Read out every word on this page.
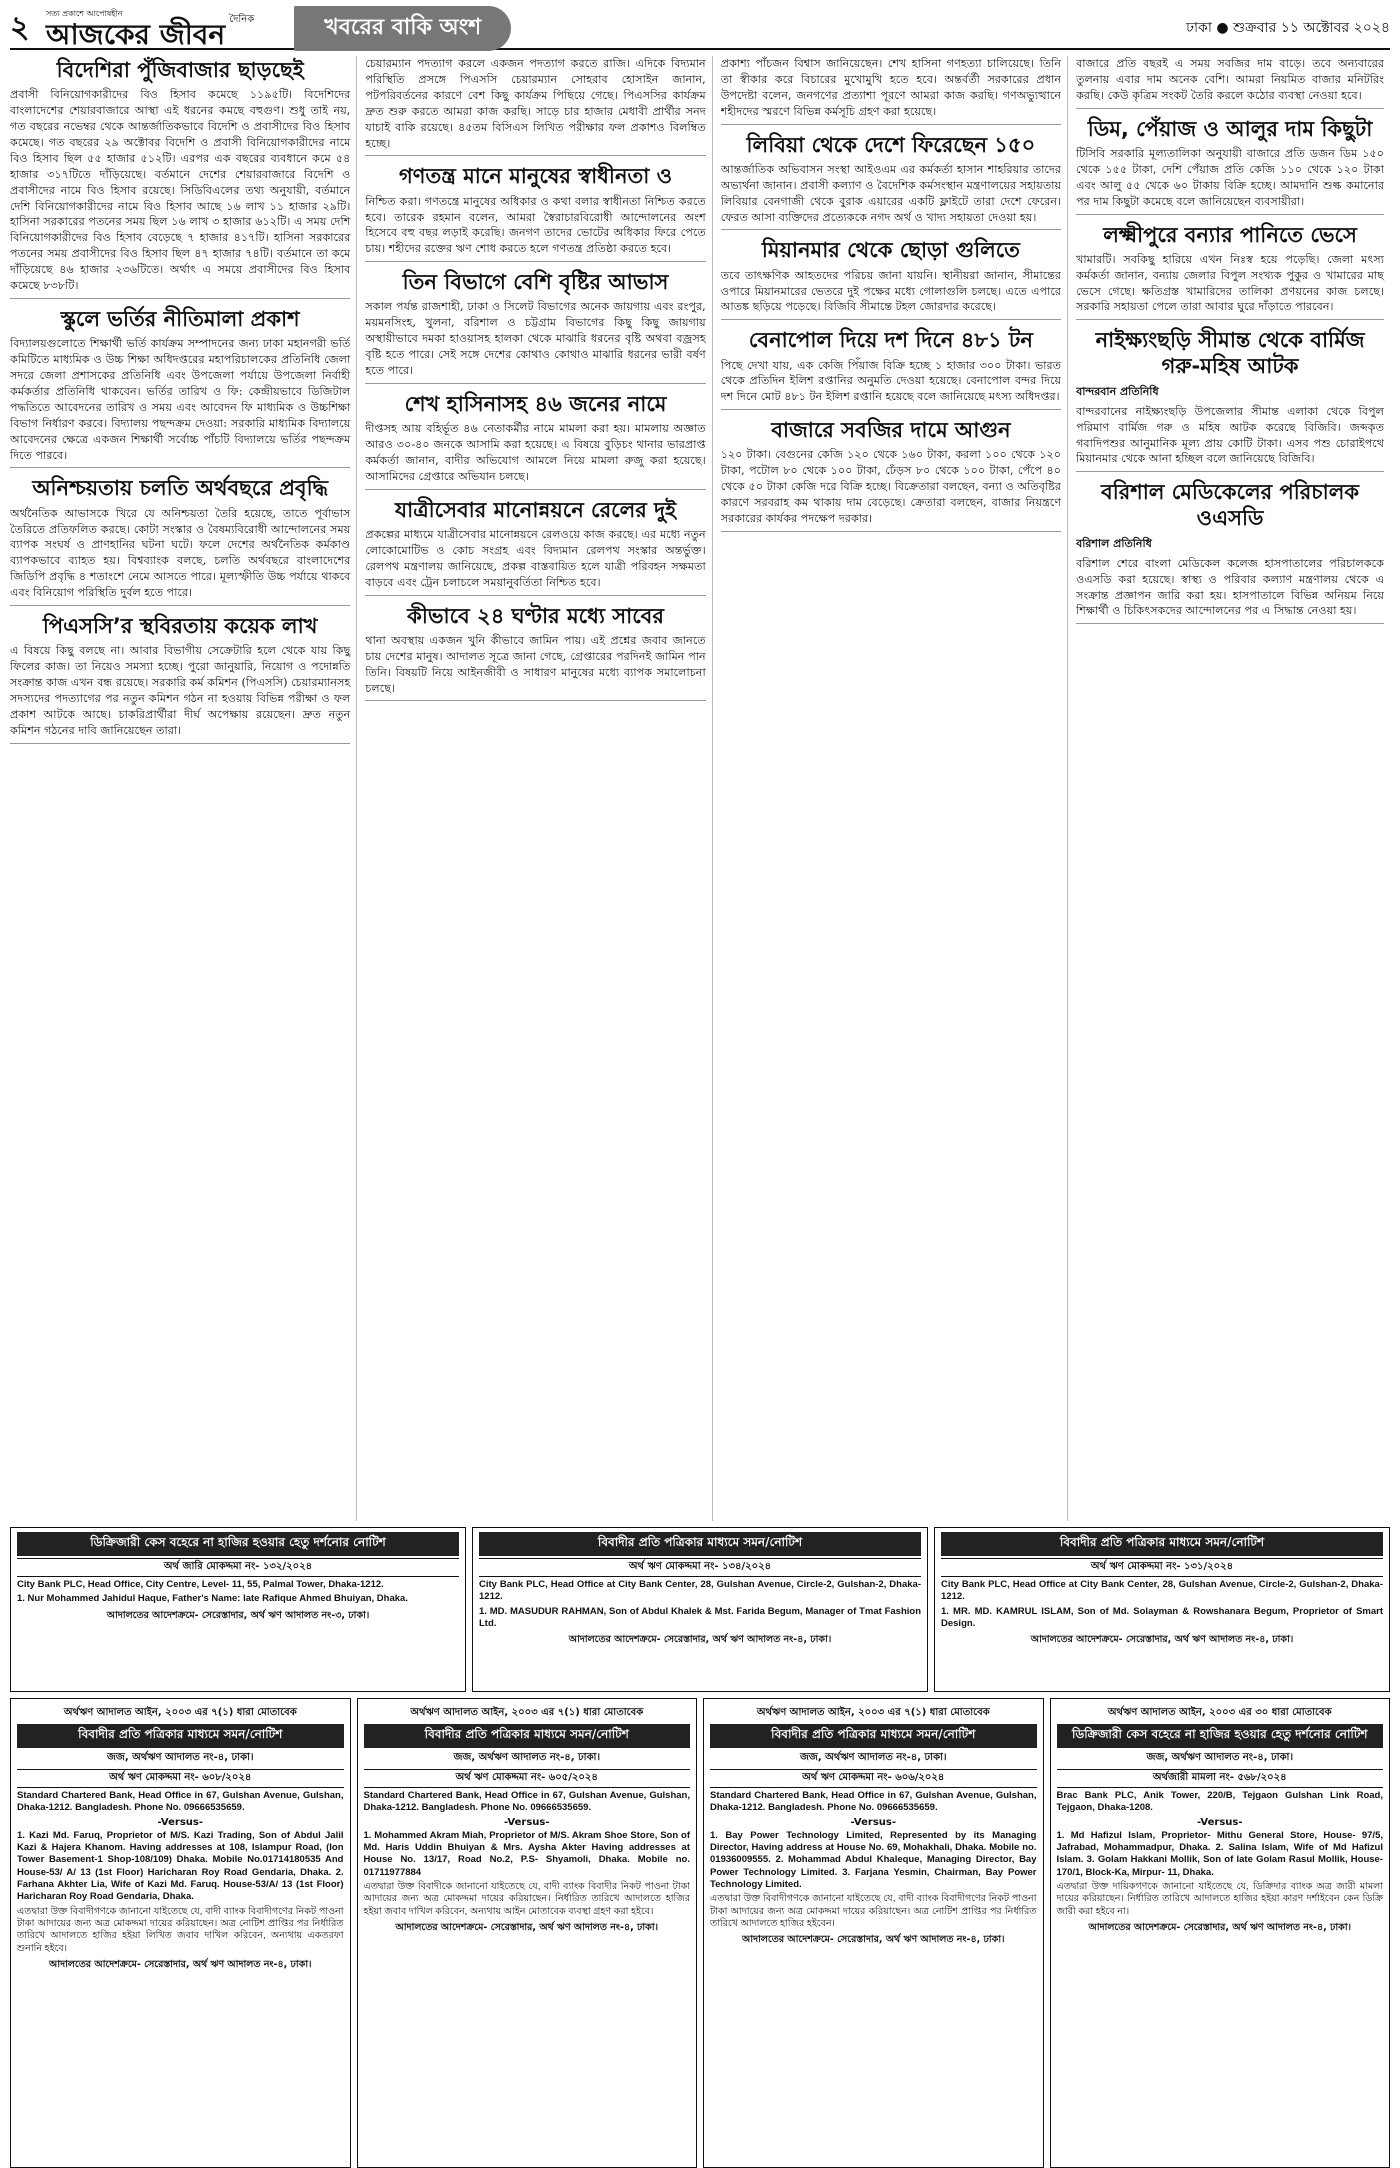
২	সত্য প্রকাশে আপোষহীন
আজকের জীবন দৈনিক	খবরের বাকি অংশ	ঢাকা ● শুক্রবার ১১ অক্টোবর ২০২৪
বিদেশিরা পুঁজিবাজার ছাড়ছেই

প্রবাসী বিনিয়োগকারীদের বিও হিসাব কমেছে ১১৯৫টি। বিদেশিদের বাংলাদেশের শেয়ারবাজারে আস্থা এই ধরনের কমছে বহুগুণ। শুধু তাই নয়, গত বছরের নভেম্বর থেকে আন্তর্জাতিকভাবে বিদেশি ও প্রবাসীদের বিও হিসাব কমেছে। গত বছরের ২৯ অক্টোবর বিদেশি ও প্রবাসী বিনিয়োগকারীদের নামে বিও হিসাব ছিল ৫৫ হাজার ৫১২টি। এরপর এক বছরের ব্যবধানে কমে ৫৪ হাজার ৩১৭টিতে দাঁড়িয়েছে। বর্তমানে দেশের শেয়ারবাজারে বিদেশি ও প্রবাসীদের নামে বিও হিসাব রয়েছে। সিডিবিএলের তথ্য অনুযায়ী, বর্তমানে দেশি বিনিয়োগকারীদের নামে বিও হিসাব আছে ১৬ লাখ ১১ হাজার ২৯টি। হাসিনা সরকারের পতনের সময় ছিল ১৬ লাখ ৩ হাজার ৬১২টি। এ সময় দেশি বিনিয়োগকারীদের বিও হিসাব বেড়েছে ৭ হাজার ৪১৭টি। হাসিনা সরকারের পতনের সময় প্রবাসীদের বিও হিসাব ছিল ৪৭ হাজার ৭৪টি। বর্তমানে তা কমে দাঁড়িয়েছে ৪৬ হাজার ২৩৬টিতে। অর্থাৎ এ সময়ে প্রবাসীদের বিও হিসাব কমেছে ৮৩৮টি।

স্কুলে ভর্তির নীতিমালা প্রকাশ

বিদ্যালয়গুলোতে শিক্ষার্থী ভর্তি কার্যক্রম সম্পাদনের জন্য ঢাকা মহানগরী ভর্তি কমিটিতে মাধ্যমিক ও উচ্চ শিক্ষা অধিদপ্তরের মহাপরিচালকের প্রতিনিধি জেলা সদরে জেলা প্রশাসকের প্রতিনিধি এবং উপজেলা পর্যায়ে উপজেলা নির্বাহী কর্মকর্তার প্রতিনিধি থাকবেন। ভর্তির তারিখ ও ফি: কেন্দ্রীয়ভাবে ডিজিটাল পদ্ধতিতে আবেদনের তারিখ ও সময় এবং আবেদন ফি মাধ্যমিক ও উচ্চশিক্ষা বিভাগ নির্ধারণ করবে। বিদ্যালয় পছন্দক্রম দেওয়া: সরকারি মাধ্যমিক বিদ্যালয়ে আবেদনের ক্ষেত্রে একজন শিক্ষার্থী সর্বোচ্চ পাঁচটি বিদ্যালয়ে ভর্তির পছন্দক্রম দিতে পারবে।

অনিশ্চয়তায় চলতি অর্থবছরে প্রবৃদ্ধি

অর্থনৈতিক আভাসকে খিরে যে অনিশ্চয়তা তৈরি হয়েছে, তাতে পূর্বাভাস তৈরিতে প্রতিফলিত করছে। কোটা সংস্কার ও বৈষম্যবিরোধী আন্দোলনের সময় ব্যাপক সংঘর্ষ ও প্রাণহানির ঘটনা ঘটে। ফলে দেশের অর্থনৈতিক কর্মকাণ্ড ব্যাপকভাবে ব্যাহত হয়। বিশ্বব্যাংক বলছে, চলতি অর্থবছরে বাংলাদেশের জিডিপি প্রবৃদ্ধি ৪ শতাংশে নেমে আসতে পারে। মূল্যস্ফীতি উচ্চ পর্যায়ে থাকবে এবং বিনিয়োগ পরিস্থিতি দুর্বল হতে পারে।

পিএসসি’র স্থবিরতায় কয়েক লাখ

এ বিষয়ে কিছু বলছে না। আবার বিভাগীয় সেক্রেটারি হলে থেকে যায় কিছু ফিলের কাজ। তা নিয়েও সমস্যা হচ্ছে। পুরো জানুয়ারি, নিয়োগ ও পদোন্নতি সংক্রান্ত কাজ এখন বন্ধ রয়েছে। সরকারি কর্ম কমিশন (পিএসসি) চেয়ারম্যানসহ সদস্যদের পদত্যাগের পর নতুন কমিশন গঠন না হওয়ায় বিভিন্ন পরীক্ষা ও ফল প্রকাশ আটকে আছে। চাকরিপ্রার্থীরা দীর্ঘ অপেক্ষায় রয়েছেন। দ্রুত নতুন কমিশন গঠনের দাবি জানিয়েছেন তারা।

চেয়ারম্যান পদত্যাগ করলে একজন পদত্যাগ করতে রাজি। এদিকে বিদ্যমান পরিস্থিতি প্রসঙ্গে পিএসসি চেয়ারম্যান সোহরাব হোসাইন জানান, পটপরিবর্তনের কারণে বেশ কিছু কার্যক্রম পিছিয়ে গেছে। পিএসসির কার্যক্রম দ্রুত শুরু করতে আমরা কাজ করছি। সাড়ে চার হাজার মেধাবী প্রার্থীর সনদ যাচাই বাকি রয়েছে। ৪৫তম বিসিএস লিখিত পরীক্ষার ফল প্রকাশও বিলম্বিত হচ্ছে।

গণতন্ত্র মানে মানুষের স্বাধীনতা ও

নিশ্চিত করা। গণতন্ত্রে মানুষের অধিকার ও কথা বলার স্বাধীনতা নিশ্চিত করতে হবে। তারেক রহমান বলেন, আমরা স্বৈরাচারবিরোধী আন্দোলনের অংশ হিসেবে বহু বছর লড়াই করেছি। জনগণ তাদের ভোটের অধিকার ফিরে পেতে চায়। শহীদের রক্তের ঋণ শোধ করতে হলে গণতন্ত্র প্রতিষ্ঠা করতে হবে।

তিন বিভাগে বেশি বৃষ্টির আভাস

সকাল পর্যন্ত রাজশাহী, ঢাকা ও সিলেট বিভাগের অনেক জায়গায় এবং রংপুর, ময়মনসিংহ, খুলনা, বরিশাল ও চট্টগ্রাম বিভাগের কিছু কিছু জায়গায় অস্থায়ীভাবে দমকা হাওয়াসহ হালকা থেকে মাঝারি ধরনের বৃষ্টি অথবা বজ্রসহ বৃষ্টি হতে পারে। সেই সঙ্গে দেশের কোথাও কোথাও মাঝারি ধরনের ভারী বর্ষণ হতে পারে।

শেখ হাসিনাসহ ৪৬ জনের নামে

দীপ্তসহ আয় বহির্ভূত ৪৬ নেতাকর্মীর নামে মামলা করা হয়। মামলায় অজ্ঞাত আরও ৩০-৪০ জনকে আসামি করা হয়েছে। এ বিষয়ে বুড়িচং থানার ভারপ্রাপ্ত কর্মকর্তা জানান, বাদীর অভিযোগ আমলে নিয়ে মামলা রুজু করা হয়েছে। আসামিদের গ্রেপ্তারে অভিযান চলছে।

যাত্রীসেবার মানোন্নয়নে রেলের দুই

প্রকল্পের মাধ্যমে যাত্রীসেবার মানোন্নয়নে রেলওয়ে কাজ করছে। এর মধ্যে নতুন লোকোমোটিভ ও কোচ সংগ্রহ এবং বিদ্যমান রেলপথ সংস্কার অন্তর্ভুক্ত। রেলপথ মন্ত্রণালয় জানিয়েছে, প্রকল্প বাস্তবায়িত হলে যাত্রী পরিবহন সক্ষমতা বাড়বে এবং ট্রেন চলাচলে সময়ানুবর্তিতা নিশ্চিত হবে।

কীভাবে ২৪ ঘণ্টার মধ্যে সাবের

থানা অবস্থায় একজন খুনি কীভাবে জামিন পায়। এই প্রশ্নের জবাব জানতে চায় দেশের মানুষ। আদালত সূত্রে জানা গেছে, গ্রেপ্তারের পরদিনই জামিন পান তিনি। বিষয়টি নিয়ে আইনজীবী ও সাধারণ মানুষের মধ্যে ব্যাপক সমালোচনা চলছে।

প্রকাশ্য পাঁচজন বিশ্বাস জানিয়েছেন। শেখ হাসিনা গণহত্যা চালিয়েছে। তিনি তা স্বীকার করে বিচারের মুখোমুখি হতে হবে। অন্তর্বর্তী সরকারের প্রধান উপদেষ্টা বলেন, জনগণের প্রত্যাশা পূরণে আমরা কাজ করছি। গণঅভ্যুত্থানে শহীদদের স্মরণে বিভিন্ন কর্মসূচি গ্রহণ করা হয়েছে।

লিবিয়া থেকে দেশে ফিরেছেন ১৫০

আন্তর্জাতিক অভিবাসন সংস্থা আইওএম এর কর্মকর্তা হাসান শাহরিয়ার তাদের অভ্যর্থনা জানান। প্রবাসী কল্যাণ ও বৈদেশিক কর্মসংস্থান মন্ত্রণালয়ের সহায়তায় লিবিয়ার বেনগাজী থেকে বুরাক এয়ারের একটি ফ্লাইটে তারা দেশে ফেরেন। ফেরত আসা ব্যক্তিদের প্রত্যেককে নগদ অর্থ ও খাদ্য সহায়তা দেওয়া হয়।

মিয়ানমার থেকে ছোড়া গুলিতে

তবে তাৎক্ষণিক আহতদের পরিচয় জানা যায়নি। স্থানীয়রা জানান, সীমান্তের ওপারে মিয়ানমারের ভেতরে দুই পক্ষের মধ্যে গোলাগুলি চলছে। এতে এপারে আতঙ্ক ছড়িয়ে পড়েছে। বিজিবি সীমান্তে টহল জোরদার করেছে।

বেনাপোল দিয়ে দশ দিনে ৪৮১ টন

পিছে দেখা যায়, এক কেজি পিঁয়াজ বিক্রি হচ্ছে ১ হাজার ৩০০ টাকা। ভারত থেকে প্রতিদিন ইলিশ রপ্তানির অনুমতি দেওয়া হয়েছে। বেনাপোল বন্দর দিয়ে দশ দিনে মোট ৪৮১ টন ইলিশ রপ্তানি হয়েছে বলে জানিয়েছে মৎস্য অধিদপ্তর।

বাজারে সবজির দামে আগুন

১২০ টাকা। বেগুনের কেজি ১২০ থেকে ১৬০ টাকা, করলা ১০০ থেকে ১২০ টাকা, পটোল ৮০ থেকে ১০০ টাকা, ঢেঁড়স ৮০ থেকে ১০০ টাকা, পেঁপে ৪০ থেকে ৫০ টাকা কেজি দরে বিক্রি হচ্ছে। বিক্রেতারা বলছেন, বন্যা ও অতিবৃষ্টির কারণে সরবরাহ কম থাকায় দাম বেড়েছে। ক্রেতারা বলছেন, বাজার নিয়ন্ত্রণে সরকারের কার্যকর পদক্ষেপ দরকার।

বাজারে প্রতি বছরই এ সময় সবজির দাম বাড়ে। তবে অন্যবারের তুলনায় এবার দাম অনেক বেশি। আমরা নিয়মিত বাজার মনিটরিং করছি। কেউ কৃত্রিম সংকট তৈরি করলে কঠোর ব্যবস্থা নেওয়া হবে।

ডিম, পেঁয়াজ ও আলুর দাম কিছুটা

টিসিবি সরকারি মূল্যতালিকা অনুযায়ী বাজারে প্রতি ডজন ডিম ১৫০ থেকে ১৫৫ টাকা, দেশি পেঁয়াজ প্রতি কেজি ১১০ থেকে ১২০ টাকা এবং আলু ৫৫ থেকে ৬০ টাকায় বিক্রি হচ্ছে। আমদানি শুল্ক কমানোর পর দাম কিছুটা কমেছে বলে জানিয়েছেন ব্যবসায়ীরা।

লক্ষ্মীপুরে বন্যার পানিতে ভেসে

খামারটি। সবকিছু হারিয়ে এখন নিঃস্ব হয়ে পড়েছি। জেলা মৎস্য কর্মকর্তা জানান, বন্যায় জেলার বিপুল সংখ্যক পুকুর ও খামারের মাছ ভেসে গেছে। ক্ষতিগ্রস্ত খামারিদের তালিকা প্রণয়নের কাজ চলছে। সরকারি সহায়তা পেলে তারা আবার ঘুরে দাঁড়াতে পারবেন।

নাইক্ষ্যংছড়ি সীমান্ত থেকে বার্মিজ গরু-মহিষ আটক
বান্দরবান প্রতিনিধি

বান্দরবানের নাইক্ষ্যংছড়ি উপজেলার সীমান্ত এলাকা থেকে বিপুল পরিমাণ বার্মিজ গরু ও মহিষ আটক করেছে বিজিবি। জব্দকৃত গবাদিপশুর আনুমানিক মূল্য প্রায় কোটি টাকা। এসব পশু চোরাইপথে মিয়ানমার থেকে আনা হচ্ছিল বলে জানিয়েছে বিজিবি।

বরিশাল মেডিকেলের পরিচালক ওএসডি
বরিশাল প্রতিনিধি

বরিশাল শেরে বাংলা মেডিকেল কলেজ হাসপাতালের পরিচালককে ওএসডি করা হয়েছে। স্বাস্থ্য ও পরিবার কল্যাণ মন্ত্রণালয় থেকে এ সংক্রান্ত প্রজ্ঞাপন জারি করা হয়। হাসপাতালে বিভিন্ন অনিয়ম নিয়ে শিক্ষার্থী ও চিকিৎসকদের আন্দোলনের পর এ সিদ্ধান্ত নেওয়া হয়।

ডিক্রিজারী কেস বহেরে না হাজির হওয়ার হেতু দর্শনোর নোটিশ
অর্থ জারি মোকদ্দমা নং- ১৩২/২০২৪

City Bank PLC, Head Office, City Centre, Level- 11, 55, Palmal Tower, Dhaka-1212.

1. Nur Mohammed Jahidul Haque, Father's Name: late Rafique Ahmed Bhuiyan, Dhaka.

আদালতের আদেশক্রমে- সেরেস্তাদার, অর্থ ঋণ আদালত নং-৩, ঢাকা।
বিবাদীর প্রতি পত্রিকার মাধ্যমে সমন/নোটিশ
অর্থ ঋণ মোকদ্দমা নং- ১৩৪/২০২৪

City Bank PLC, Head Office at City Bank Center, 28, Gulshan Avenue, Circle-2, Gulshan-2, Dhaka-1212.

1. MD. MASUDUR RAHMAN, Son of Abdul Khalek & Mst. Farida Begum, Manager of Tmat Fashion Ltd.

আদালতের আদেশক্রমে- সেরেস্তাদার, অর্থ ঋণ আদালত নং-৪, ঢাকা।
বিবাদীর প্রতি পত্রিকার মাধ্যমে সমন/নোটিশ
অর্থ ঋণ মোকদ্দমা নং- ১৩১/২০২৪

City Bank PLC, Head Office at City Bank Center, 28, Gulshan Avenue, Circle-2, Gulshan-2, Dhaka-1212.

1. MR. MD. KAMRUL ISLAM, Son of Md. Solayman & Rowshanara Begum, Proprietor of Smart Design.

আদালতের আদেশক্রমে- সেরেস্তাদার, অর্থ ঋণ আদালত নং-৪, ঢাকা।
অর্থঋণ আদালত আইন, ২০০৩ এর ৭(১) ধারা মোতাবেক
বিবাদীর প্রতি পত্রিকার মাধ্যমে সমন/নোটিশ
জজ, অর্থঋণ আদালত নং-৪, ঢাকা।
অর্থ ঋণ মোকদ্দমা নং- ৬০৮/২০২৪

Standard Chartered Bank, Head Office in 67, Gulshan Avenue, Gulshan, Dhaka-1212. Bangladesh. Phone No. 09666535659.

-Versus-

1. Kazi Md. Faruq, Proprietor of M/S. Kazi Trading, Son of Abdul Jalil Kazi & Hajera Khanom. Having addresses at 108, Islampur Road, (Ion Tower Basement-1 Shop-108/109) Dhaka. Mobile No.01714180535 And House-53/ A/ 13 (1st Floor) Haricharan Roy Road Gendaria, Dhaka. 2. Farhana Akhter Lia, Wife of Kazi Md. Faruq. House-53/A/ 13 (1st Floor) Haricharan Roy Road Gendaria, Dhaka.

এতদ্বারা উক্ত বিবাদীগণকে জানানো যাইতেছে যে, বাদী ব্যাংক বিবাদীগণের নিকট পাওনা টাকা আদায়ের জন্য অত্র মোকদ্দমা দায়ের করিয়াছেন। অত্র নোটিশ প্রাপ্তির পর নির্ধারিত তারিখে আদালতে হাজির হইয়া লিখিত জবাব দাখিল করিবেন, অন্যথায় একতরফা শুনানি হইবে।

আদালতের আদেশক্রমে- সেরেস্তাদার, অর্থ ঋণ আদালত নং-৪, ঢাকা।
অর্থঋণ আদালত আইন, ২০০৩ এর ৭(১) ধারা মোতাবেক
বিবাদীর প্রতি পত্রিকার মাধ্যমে সমন/নোটিশ
জজ, অর্থঋণ আদালত নং-৪, ঢাকা।
অর্থ ঋণ মোকদ্দমা নং- ৬০৫/২০২৪

Standard Chartered Bank, Head Office in 67, Gulshan Avenue, Gulshan, Dhaka-1212. Bangladesh. Phone No. 09666535659.

-Versus-

1. Mohammed Akram Miah, Proprietor of M/S. Akram Shoe Store, Son of Md. Haris Uddin Bhuiyan & Mrs. Aysha Akter Having addresses at House No. 13/17, Road No.2, P.S- Shyamoli, Dhaka. Mobile no. 01711977884

এতদ্বারা উক্ত বিবাদীকে জানানো যাইতেছে যে, বাদী ব্যাংক বিবাদীর নিকট পাওনা টাকা আদায়ের জন্য অত্র মোকদ্দমা দায়ের করিয়াছেন। নির্ধারিত তারিখে আদালতে হাজির হইয়া জবাব দাখিল করিবেন, অন্যথায় আইন মোতাবেক ব্যবস্থা গ্রহণ করা হইবে।

আদালতের আদেশক্রমে- সেরেস্তাদার, অর্থ ঋণ আদালত নং-৪, ঢাকা।
অর্থঋণ আদালত আইন, ২০০৩ এর ৭(১) ধারা মোতাবেক
বিবাদীর প্রতি পত্রিকার মাধ্যমে সমন/নোটিশ
জজ, অর্থঋণ আদালত নং-৪, ঢাকা।
অর্থ ঋণ মোকদ্দমা নং- ৬০৬/২০২৪

Standard Chartered Bank, Head Office in 67, Gulshan Avenue, Gulshan, Dhaka-1212. Bangladesh. Phone No. 09666535659.

-Versus-

1. Bay Power Technology Limited, Represented by its Managing Director, Having address at House No. 69, Mohakhali, Dhaka. Mobile no. 01936009555. 2. Mohammad Abdul Khaleque, Managing Director, Bay Power Technology Limited. 3. Farjana Yesmin, Chairman, Bay Power Technology Limited.

এতদ্বারা উক্ত বিবাদীগণকে জানানো যাইতেছে যে, বাদী ব্যাংক বিবাদীগণের নিকট পাওনা টাকা আদায়ের জন্য অত্র মোকদ্দমা দায়ের করিয়াছেন। অত্র নোটিশ প্রাপ্তির পর নির্ধারিত তারিখে আদালতে হাজির হইবেন।

আদালতের আদেশক্রমে- সেরেস্তাদার, অর্থ ঋণ আদালত নং-৪, ঢাকা।
অর্থঋণ আদালত আইন, ২০০৩ এর ৩০ ধারা মোতাবেক
ডিক্রিজারী কেস বহেরে না হাজির হওয়ার হেতু দর্শনোর নোটিশ
জজ, অর্থঋণ আদালত নং-৪, ঢাকা।
অর্থজারী মামলা নং- ৫৬৮/২০২৪

Brac Bank PLC, Anik Tower, 220/B, Tejgaon Gulshan Link Road, Tejgaon, Dhaka-1208.

-Versus-

1. Md Hafizul Islam, Proprietor- Mithu General Store, House- 97/5, Jafrabad, Mohammadpur, Dhaka. 2. Salina Islam, Wife of Md Hafizul Islam. 3. Golam Hakkani Mollik, Son of late Golam Rasul Mollik, House- 170/1, Block-Ka, Mirpur- 11, Dhaka.

এতদ্বারা উক্ত দায়িকগণকে জানানো যাইতেছে যে, ডিক্রিদার ব্যাংক অত্র জারী মামলা দায়ের করিয়াছেন। নির্ধারিত তারিখে আদালতে হাজির হইয়া কারণ দর্শাইবেন কেন ডিক্রি জারী করা হইবে না।

আদালতের আদেশক্রমে- সেরেস্তাদার, অর্থ ঋণ আদালত নং-৪, ঢাকা।
